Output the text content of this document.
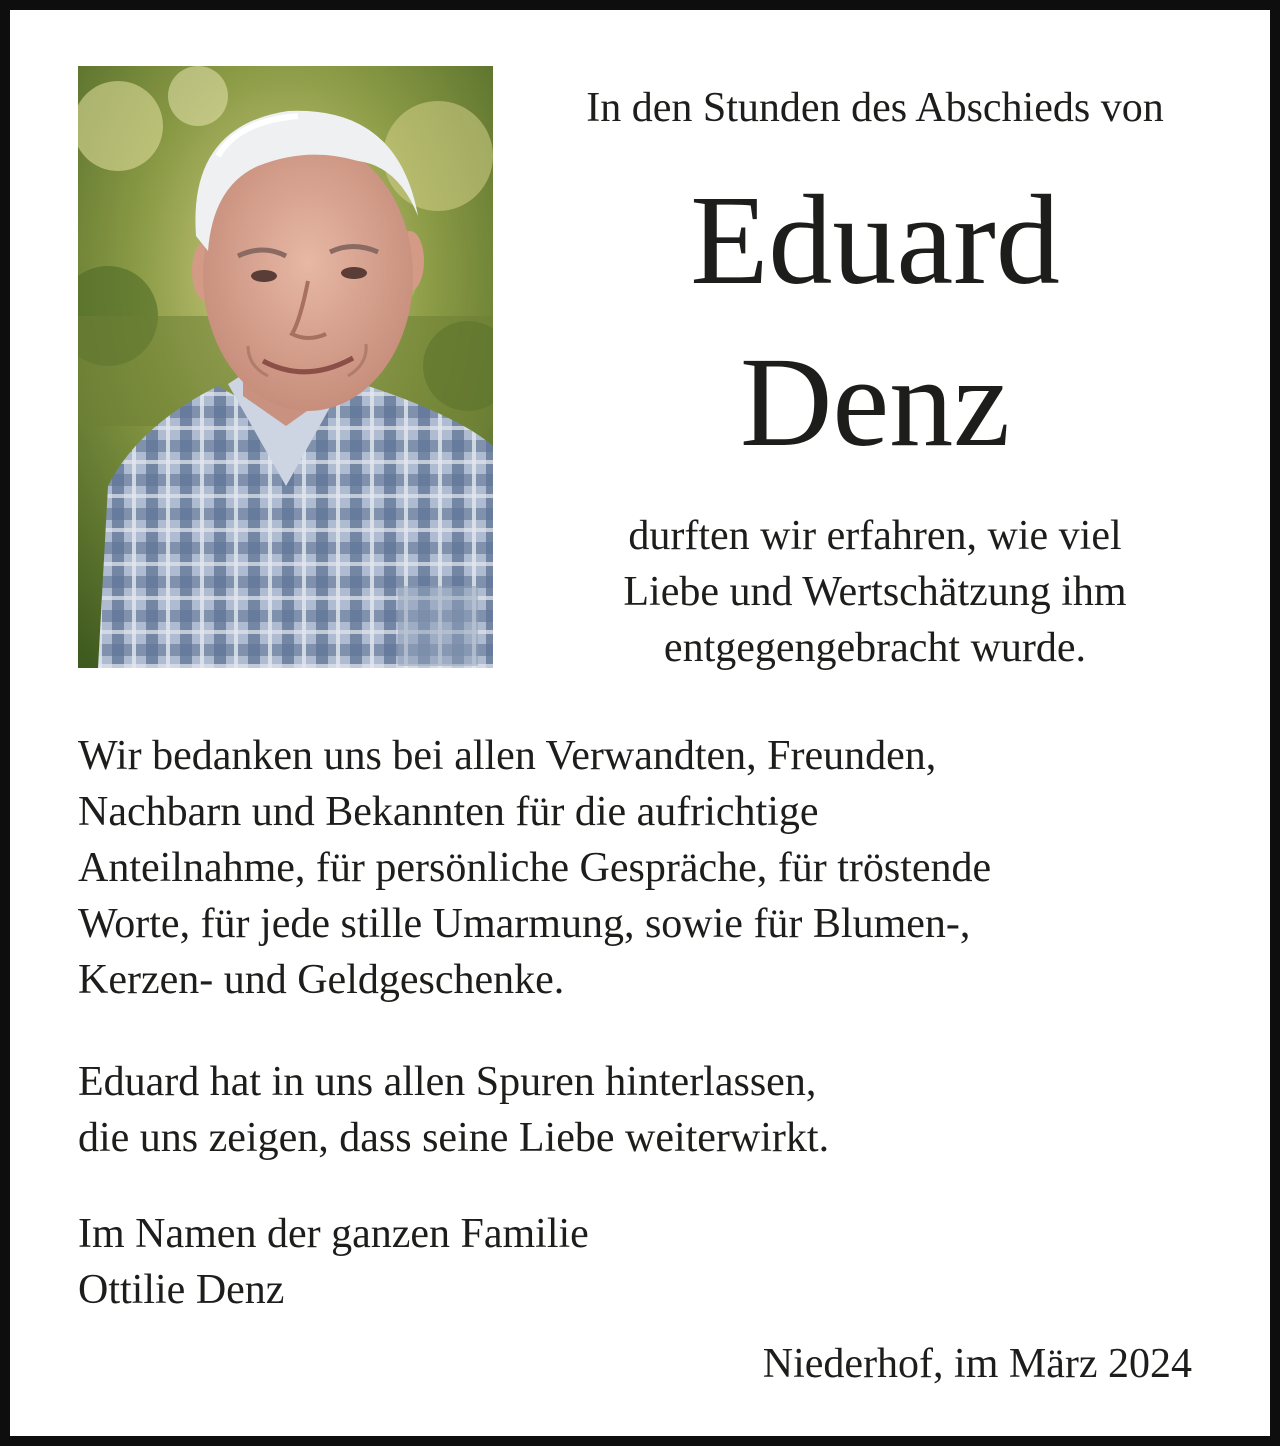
In den Stunden des Abschieds von
Eduard
Denz
durften wir erfahren, wie viel
Liebe und Wertschätzung ihm
entgegengebracht wurde.
Wir bedanken uns bei allen Verwandten, Freunden,
Nachbarn und Bekannten für die aufrichtige
Anteilnahme, für persönliche Gespräche, für tröstende
Worte, für jede stille Umarmung, sowie für Blumen-,
Kerzen- und Geldgeschenke.
Eduard hat in uns allen Spuren hinterlassen,
die uns zeigen, dass seine Liebe weiterwirkt.
Im Namen der ganzen Familie
Ottilie Denz
Niederhof, im März 2024
